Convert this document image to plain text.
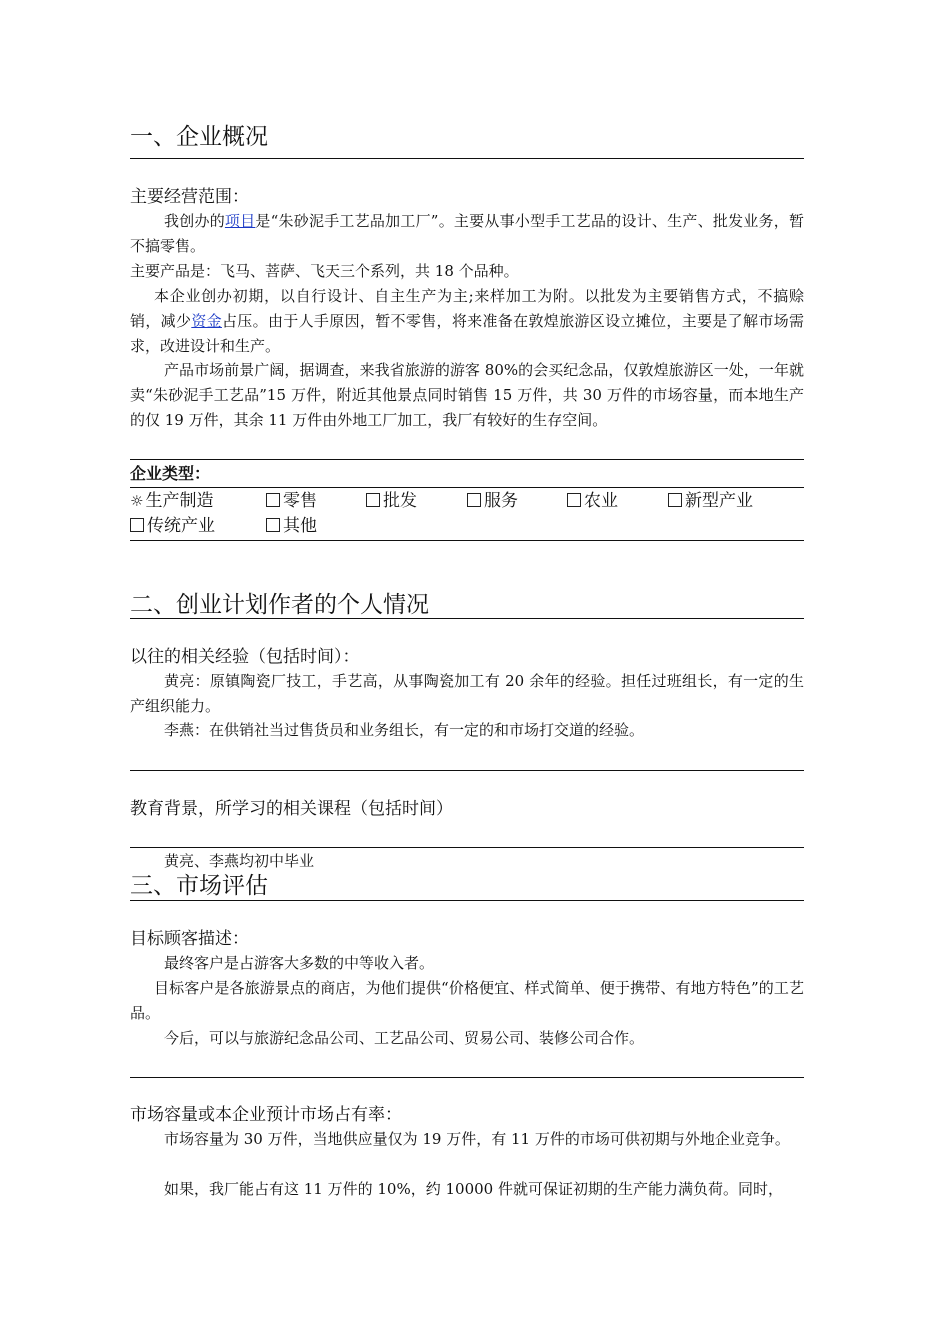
一、企业概况
主要经营范围：
我创办的项目是“朱砂泥手工艺品加工厂”。主要从事小型手工艺品的设计、生产、批发业务，暂不搞零售。
主要产品是：飞马、菩萨、飞天三个系列，共 18 个品种。
本企业创办初期，以自行设计、自主生产为主;来样加工为附。以批发为主要销售方式，不搞赊销，减少资金占压。由于人手原因，暂不零售，将来准备在敦煌旅游区设立摊位，主要是了解市场需求，改进设计和生产。
产品市场前景广阔，据调查，来我省旅游的游客 80%的会买纪念品，仅敦煌旅游区一处，一年就卖“朱砂泥手工艺品”15 万件，附近其他景点同时销售 15 万件，共 30 万件的市场容量，而本地生产的仅 19 万件，其余 11 万件由外地工厂加工，我厂有较好的生存空间。
企业类型：
☼ 生产制造	零售	批发	服务	农业	新型产业
传统产业	其他
二、创业计划作者的个人情况
以往的相关经验（包括时间）：
黄亮：原镇陶瓷厂技工，手艺高，从事陶瓷加工有 20 余年的经验。担任过班组长，有一定的生产组织能力。
李燕：在供销社当过售货员和业务组长，有一定的和市场打交道的经验。
教育背景，所学习的相关课程（包括时间）
黄亮、李燕均初中毕业
三、市场评估
目标顾客描述：
最终客户是占游客大多数的中等收入者。
目标客户是各旅游景点的商店，为他们提供“价格便宜、样式简单、便于携带、有地方特色”的工艺品。
今后，可以与旅游纪念品公司、工艺品公司、贸易公司、装修公司合作。
市场容量或本企业预计市场占有率：
市场容量为 30 万件，当地供应量仅为 19 万件，有 11 万件的市场可供初期与外地企业竞争。
如果，我厂能占有这 11 万件的 10%，约 10000 件就可保证初期的生产能力满负荷。同时，
